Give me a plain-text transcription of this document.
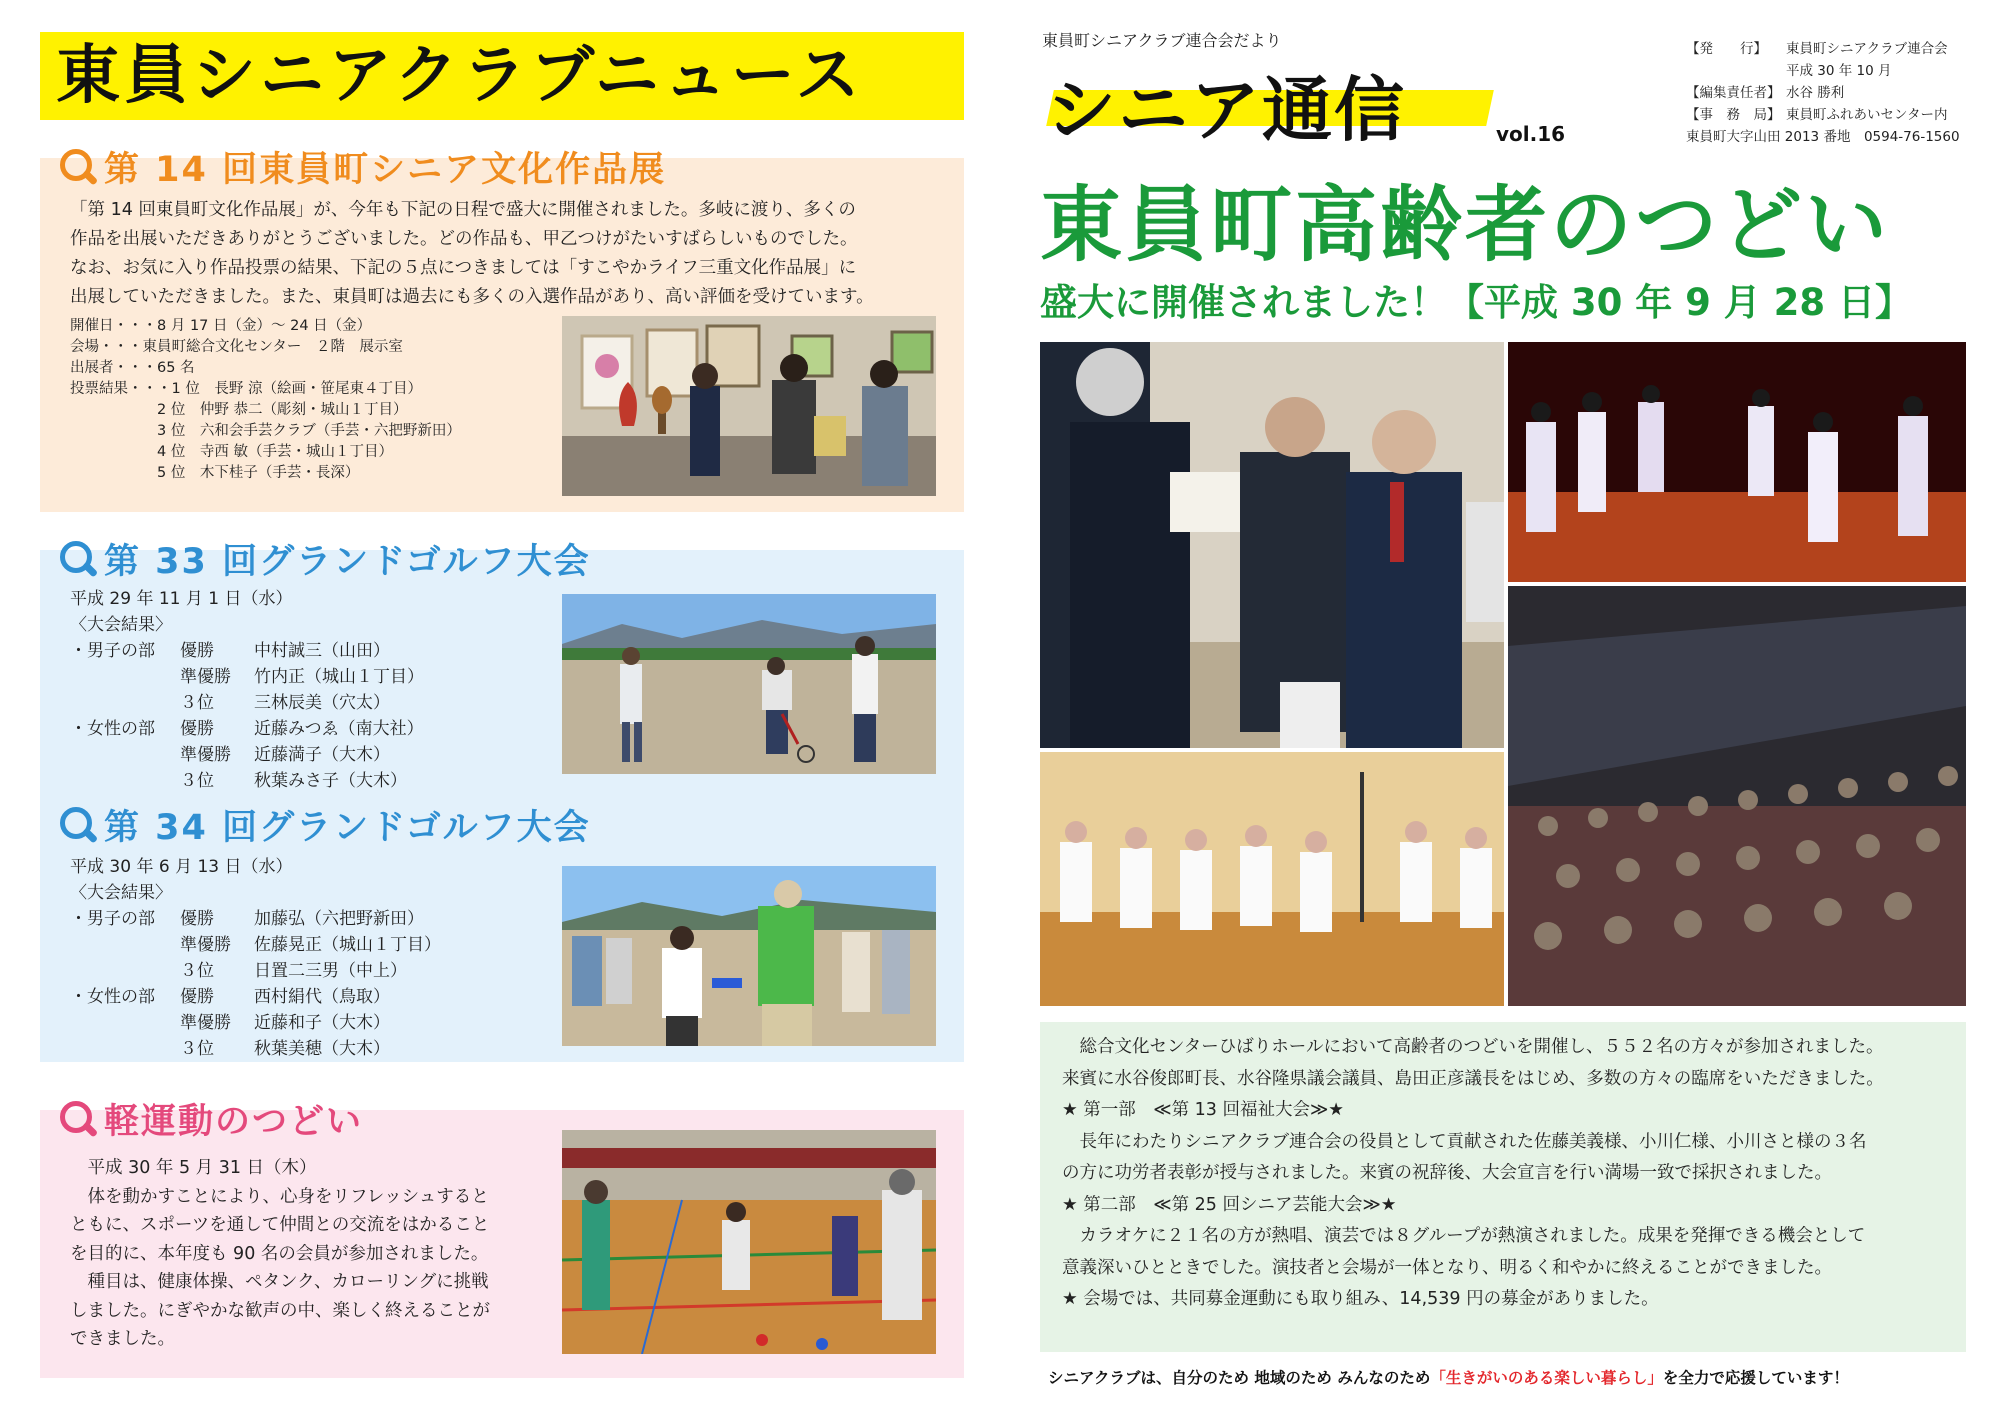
東員シニアクラブニュース
第 14 回東員町シニア文化作品展
「第 14 回東員町文化作品展」が、今年も下記の日程で盛大に開催されました。多岐に渡り、多くの
作品を出展いただきありがとうございました。どの作品も、甲乙つけがたいすばらしいものでした。
なお、お気に入り作品投票の結果、下記の５点につきましては「すこやかライフ三重文化作品展」に
出展していただきました。また、東員町は過去にも多くの入選作品があり、高い評価を受けています。
開催日・・・8 月 17 日（金）～ 24 日（金）
会場・・・東員町総合文化センター　２階　展示室
出展者・・・65 名
投票結果・・・1 位　長野 涼（絵画・笹尾東４丁目）
　　　　　　2 位　仲野 恭二（彫刻・城山１丁目）
　　　　　　3 位　六和会手芸クラブ（手芸・六把野新田）
　　　　　　4 位　寺西 敏（手芸・城山１丁目）
　　　　　　5 位　木下桂子（手芸・長深）
第 33 回グランドゴルフ大会
平成 29 年 11 月 1 日（水）
〈大会結果〉
・男子の部 優勝 中村誠三（山田）
準優勝 竹内正（城山１丁目）
３位 三林辰美（穴太）
・女性の部 優勝 近藤みつゑ（南大社）
準優勝 近藤満子（大木）
３位 秋葉みさ子（大木）
第 34 回グランドゴルフ大会
平成 30 年 6 月 13 日（水）
〈大会結果〉
・男子の部 優勝 加藤弘（六把野新田）
準優勝 佐藤晃正（城山１丁目）
３位 日置二三男（中上）
・女性の部 優勝 西村絹代（鳥取）
準優勝 近藤和子（大木）
３位 秋葉美穂（大木）
軽運動のつどい
平成 30 年 5 月 31 日（木）
体を動かすことにより、心身をリフレッシュすると
ともに、スポーツを通して仲間との交流をはかること
を目的に、本年度も 90 名の会員が参加されました。
種目は、健康体操、ペタンク、カローリングに挑戦
しました。にぎやかな歓声の中、楽しく終えることが
できました。
東員町シニアクラブ連合会だより
シニア通信	vol.16
【発　　行】 東員町シニアクラブ連合会
平成 30 年 10 月
【編集責任者】 水谷 勝利
【事　務　局】 東員町ふれあいセンター内
東員町大字山田 2013 番地　0594-76-1560
東員町高齢者のつどい
盛大に開催されました！【平成 30 年 9 月 28 日】
総合文化センターひばりホールにおいて高齢者のつどいを開催し、５５２名の方々が参加されました。
来賓に水谷俊郎町長、水谷隆県議会議員、島田正彦議長をはじめ、多数の方々の臨席をいただきました。
★ 第一部　≪第 13 回福祉大会≫★
長年にわたりシニアクラブ連合会の役員として貢献された佐藤美義様、小川仁様、小川さと様の３名
の方に功労者表彰が授与されました。来賓の祝辞後、大会宣言を行い満場一致で採択されました。
★ 第二部　≪第 25 回シニア芸能大会≫★
カラオケに２１名の方が熱唱、演芸では８グループが熱演されました。成果を発揮できる機会として
意義深いひとときでした。演技者と会場が一体となり、明るく和やかに終えることができました。
★ 会場では、共同募金運動にも取り組み、14,539 円の募金がありました。
シニアクラブは、自分のため 地域のため みんなのため「生きがいのある楽しい暮らし」を全力で応援しています！
